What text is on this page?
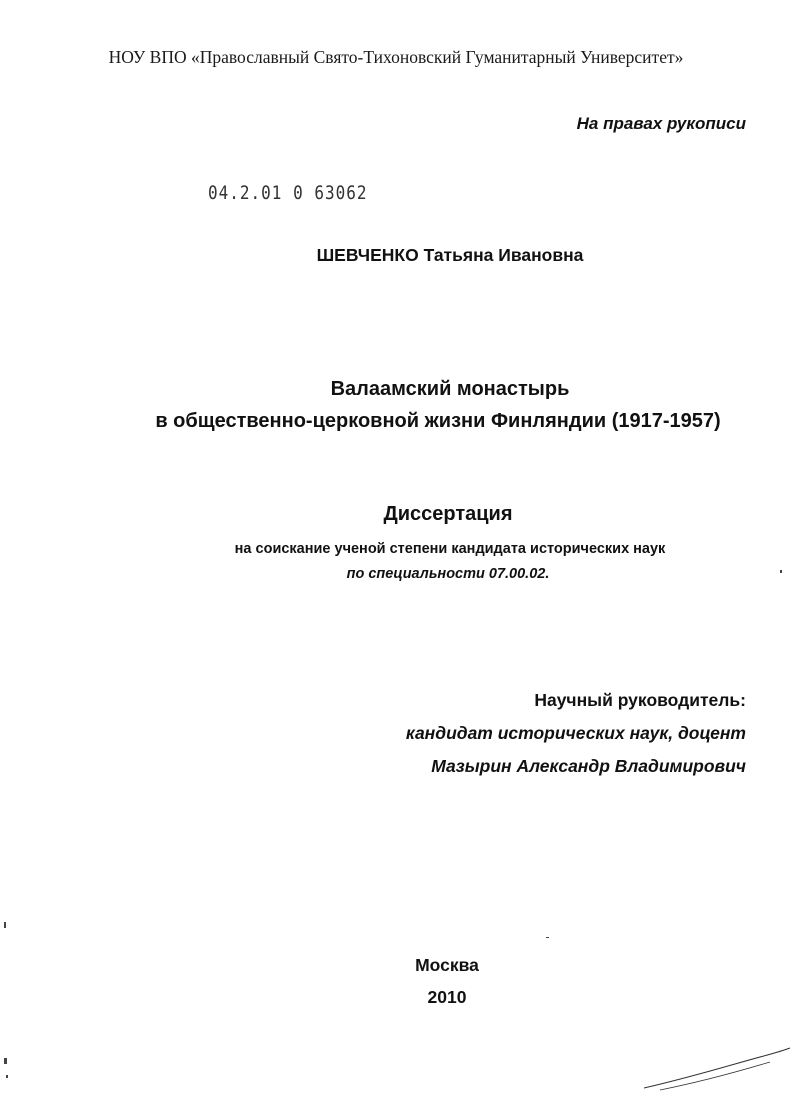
НОУ ВПО «Православный Свято-Тихоновский Гуманитарный Университет»
На правах рукописи
04.2.01 0 63062
ШЕВЧЕНКО Татьяна Ивановна
Валаамский монастырь
в общественно-церковной жизни Финляндии (1917-1957)
Диссертация
на соискание ученой степени кандидата исторических наук
по специальности 07.00.02.
Научный руководитель:
кандидат исторических наук, доцент
Мазырин Александр Владимирович
Москва
2010
